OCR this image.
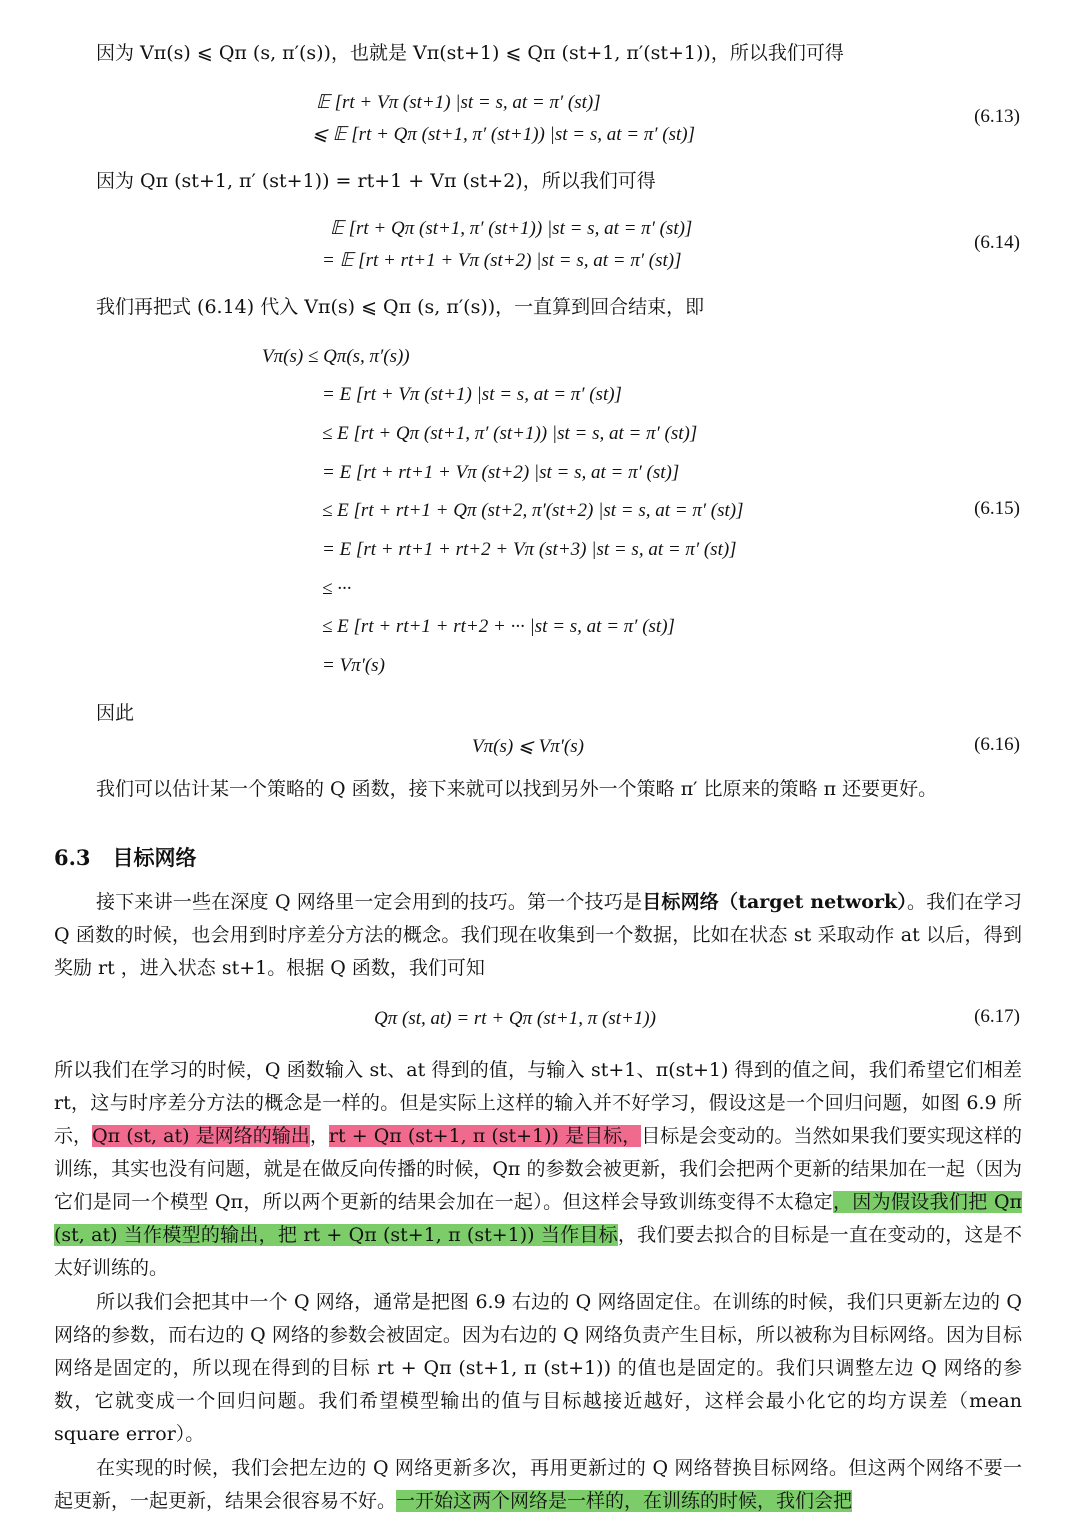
因为 Vπ(s) ⩽ Qπ (s, π′(s))，也就是 Vπ(st+1) ⩽ Qπ (st+1, π′(st+1))，所以我们可得
𝔼 [rt + Vπ (st+1) |st = s, at = π′ (st)]
⩽ 𝔼 [rt + Qπ (st+1, π′ (st+1)) |st = s, at = π′ (st)]
(6.13)
因为 Qπ (st+1, π′ (st+1)) = rt+1 + Vπ (st+2)，所以我们可得
𝔼 [rt + Qπ (st+1, π′ (st+1)) |st = s, at = π′ (st)]
= 𝔼 [rt + rt+1 + Vπ (st+2) |st = s, at = π′ (st)]
(6.14)
我们再把式 (6.14) 代入 Vπ(s) ⩽ Qπ (s, π′(s))，一直算到回合结束，即
Vπ(s) ≤ Qπ(s, π′(s))
= E [rt + Vπ (st+1) |st = s, at = π′ (st)]
≤ E [rt + Qπ (st+1, π′ (st+1)) |st = s, at = π′ (st)]
= E [rt + rt+1 + Vπ (st+2) |st = s, at = π′ (st)]
≤ E [rt + rt+1 + Qπ (st+2, π′(st+2) |st = s, at = π′ (st)]
= E [rt + rt+1 + rt+2 + Vπ (st+3) |st = s, at = π′ (st)]
≤ ···
≤ E [rt + rt+1 + rt+2 + ··· |st = s, at = π′ (st)]
= Vπ′(s)
(6.15)
因此
Vπ(s) ⩽ Vπ′(s)	(6.16)
我们可以估计某一个策略的 Q 函数，接下来就可以找到另外一个策略 π′ 比原来的策略 π 还要更好。
6.3 目标网络
接下来讲一些在深度 Q 网络里一定会用到的技巧。第一个技巧是目标网络（target network）。我们在学习 Q 函数的时候，也会用到时序差分方法的概念。我们现在收集到一个数据，比如在状态 st 采取动作 at 以后，得到奖励 rt ，进入状态 st+1。根据 Q 函数，我们可知
Qπ (st, at) = rt + Qπ (st+1, π (st+1))	(6.17)
所以我们在学习的时候，Q 函数输入 st、at 得到的值，与输入 st+1、π(st+1) 得到的值之间，我们希望它们相差 rt，这与时序差分方法的概念是一样的。但是实际上这样的输入并不好学习，假设这是一个回归问题，如图 6.9 所示，Qπ (st, at) 是网络的输出，rt + Qπ (st+1, π (st+1)) 是目标，目标是会变动的。当然如果我们要实现这样的训练，其实也没有问题，就是在做反向传播的时候，Qπ 的参数会被更新，我们会把两个更新的结果加在一起（因为它们是同一个模型 Qπ，所以两个更新的结果会加在一起）。但这样会导致训练变得不太稳定，因为假设我们把 Qπ (st, at) 当作模型的输出，把 rt + Qπ (st+1, π (st+1)) 当作目标，我们要去拟合的目标是一直在变动的，这是不太好训练的。
所以我们会把其中一个 Q 网络，通常是把图 6.9 右边的 Q 网络固定住。在训练的时候，我们只更新左边的 Q 网络的参数，而右边的 Q 网络的参数会被固定。因为右边的 Q 网络负责产生目标，所以被称为目标网络。因为目标网络是固定的，所以现在得到的目标 rt + Qπ (st+1, π (st+1)) 的值也是固定的。我们只调整左边 Q 网络的参数，它就变成一个回归问题。我们希望模型输出的值与目标越接近越好，这样会最小化它的均方误差（mean square error）。
在实现的时候，我们会把左边的 Q 网络更新多次，再用更新过的 Q 网络替换目标网络。但这两个网络不要一起更新，一起更新，结果会很容易不好。一开始这两个网络是一样的，在训练的时候，我们会把
